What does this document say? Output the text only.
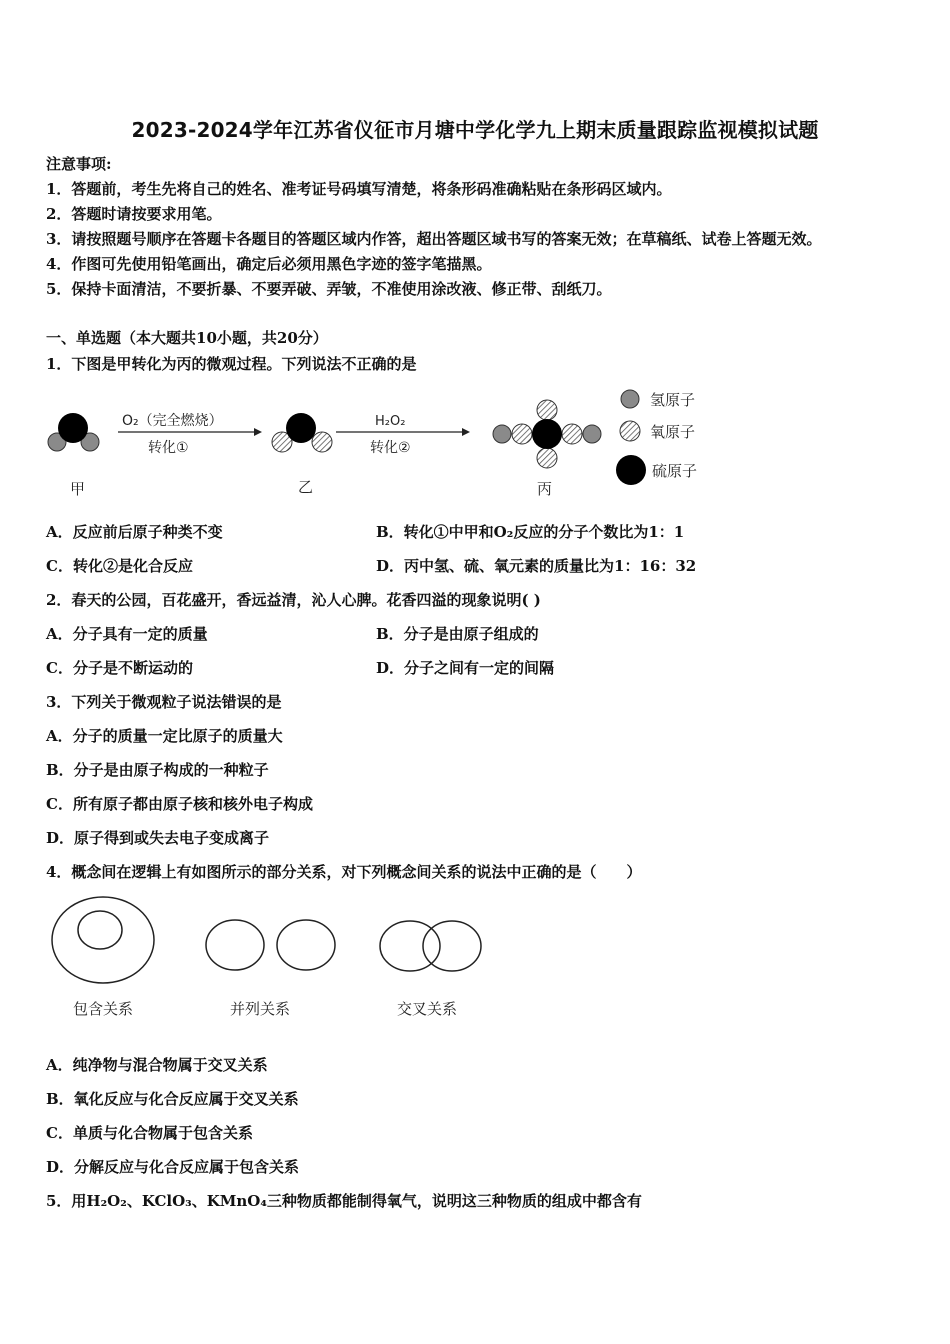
2023-2024学年江苏省仪征市月塘中学化学九上期末质量跟踪监视模拟试题
注意事项:
1．答题前，考生先将自己的姓名、准考证号码填写清楚，将条形码准确粘贴在条形码区域内。
2．答题时请按要求用笔。
3．请按照题号顺序在答题卡各题目的答题区域内作答，超出答题区域书写的答案无效；在草稿纸、试卷上答题无效。
4．作图可先使用铅笔画出，确定后必须用黑色字迹的签字笔描黑。
5．保持卡面清洁，不要折暴、不要弄破、弄皱，不准使用涂改液、修正带、刮纸刀。
一、单选题（本大题共10小题，共20分）
1．下图是甲转化为丙的微观过程。下列说法不正确的是
甲
O₂（完全燃烧）
转化①
乙
H₂O₂
转化②
丙
氢原子
氧原子
硫原子
A．反应前后原子种类不变	B．转化①中甲和O₂反应的分子个数比为1：1
C．转化②是化合反应	D．丙中氢、硫、氧元素的质量比为1：16：32
2．春天的公园，百花盛开，香远益清，沁人心脾。花香四溢的现象说明( )
A．分子具有一定的质量	B．分子是由原子组成的
C．分子是不断运动的	D．分子之间有一定的间隔
3．下列关于微观粒子说法错误的是
A．分子的质量一定比原子的质量大
B．分子是由原子构成的一种粒子
C．所有原子都由原子核和核外电子构成
D．原子得到或失去电子变成离子
4．概念间在逻辑上有如图所示的部分关系，对下列概念间关系的说法中正确的是（　　）
包含关系	并列关系	交叉关系
A．纯净物与混合物属于交叉关系
B．氧化反应与化合反应属于交叉关系
C．单质与化合物属于包含关系
D．分解反应与化合反应属于包含关系
5．用H₂O₂、KClO₃、KMnO₄三种物质都能制得氧气，说明这三种物质的组成中都含有
